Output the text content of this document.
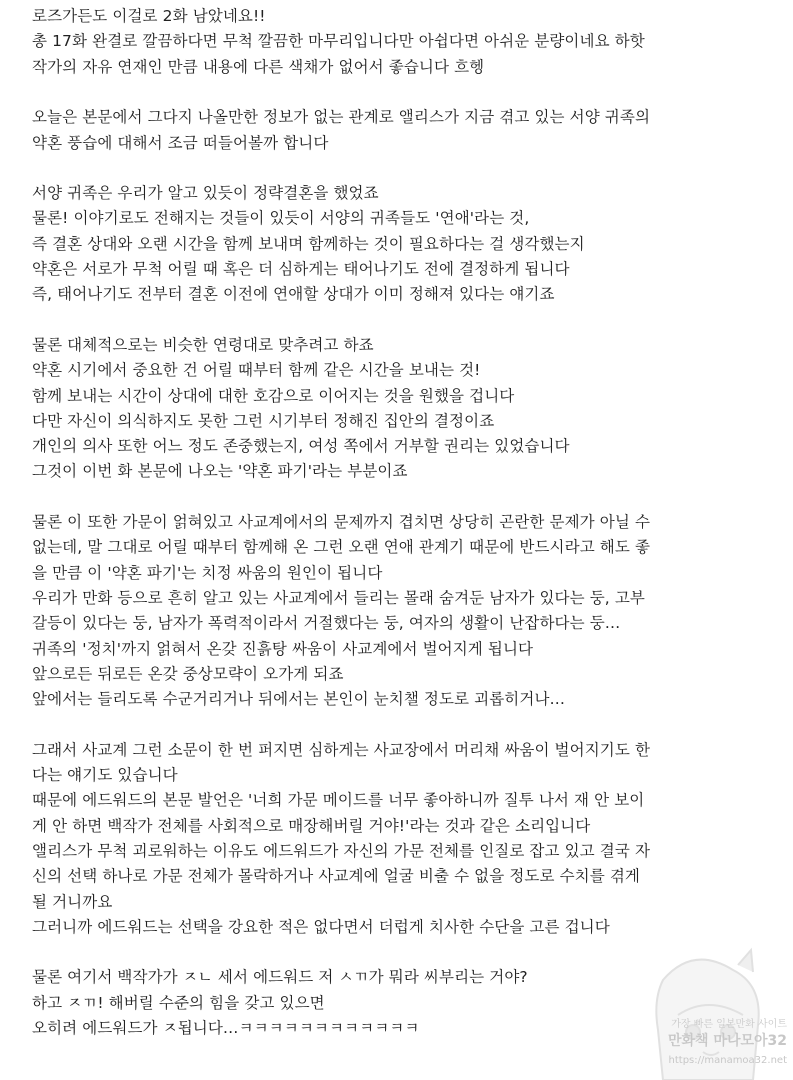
로즈가든도 이걸로 2화 남았네요!!
총 17화 완결로 깔끔하다면 무척 깔끔한 마무리입니다만 아쉽다면 아쉬운 분량이네요 하핫
작가의 자유 연재인 만큼 내용에 다른 색채가 없어서 좋습니다 흐헹
오늘은 본문에서 그다지 나올만한 정보가 없는 관계로 앨리스가 지금 겪고 있는 서양 귀족의
약혼 풍습에 대해서 조금 떠들어볼까 합니다
서양 귀족은 우리가 알고 있듯이 정략결혼을 했었죠
물론! 이야기로도 전해지는 것들이 있듯이 서양의 귀족들도 '연애'라는 것,
즉 결혼 상대와 오랜 시간을 함께 보내며 함께하는 것이 필요하다는 걸 생각했는지
약혼은 서로가 무척 어릴 때 혹은 더 심하게는 태어나기도 전에 결정하게 됩니다
즉, 태어나기도 전부터 결혼 이전에 연애할 상대가 이미 정해져 있다는 얘기죠
물론 대체적으로는 비슷한 연령대로 맞추려고 하죠
약혼 시기에서 중요한 건 어릴 때부터 함께 같은 시간을 보내는 것!
함께 보내는 시간이 상대에 대한 호감으로 이어지는 것을 원했을 겁니다
다만 자신이 의식하지도 못한 그런 시기부터 정해진 집안의 결정이죠
개인의 의사 또한 어느 정도 존중했는지, 여성 쪽에서 거부할 권리는 있었습니다
그것이 이번 화 본문에 나오는 '약혼 파기'라는 부분이죠
물론 이 또한 가문이 얽혀있고 사교계에서의 문제까지 겹치면 상당히 곤란한 문제가 아닐 수
없는데, 말 그대로 어릴 때부터 함께해 온 그런 오랜 연애 관계기 때문에 반드시라고 해도 좋
을 만큼 이 '약혼 파기'는 치정 싸움의 원인이 됩니다
우리가 만화 등으로 흔히 알고 있는 사교계에서 들리는 몰래 숨겨둔 남자가 있다는 둥, 고부
갈등이 있다는 둥, 남자가 폭력적이라서 거절했다는 둥, 여자의 생활이 난잡하다는 둥…
귀족의 '정치'까지 얽혀서 온갖 진흙탕 싸움이 사교계에서 벌어지게 됩니다
앞으로든 뒤로든 온갖 중상모략이 오가게 되죠
앞에서는 들리도록 수군거리거나 뒤에서는 본인이 눈치챌 정도로 괴롭히거나…
그래서 사교계 그런 소문이 한 번 퍼지면 심하게는 사교장에서 머리채 싸움이 벌어지기도 한
다는 얘기도 있습니다
때문에 에드워드의 본문 발언은 '너희 가문 메이드를 너무 좋아하니까 질투 나서 재 안 보이
게 안 하면 백작가 전체를 사회적으로 매장해버릴 거야!'라는 것과 같은 소리입니다
앨리스가 무척 괴로워하는 이유도 에드워드가 자신의 가문 전체를 인질로 잡고 있고 결국 자
신의 선택 하나로 가문 전체가 몰락하거나 사교계에 얼굴 비출 수 없을 정도로 수치를 겪게
될 거니까요
그러니까 에드워드는 선택을 강요한 적은 없다면서 더럽게 치사한 수단을 고른 겁니다
물론 여기서 백작가가 ㅈㄴ 세서 에드워드 저 ㅅㄲ가 뭐라 씨부리는 거야?
하고 ㅈㄲ! 해버릴 수준의 힘을 갖고 있으면
오히려 에드워드가 ㅈ됩니다…ㅋㅋㅋㅋㅋㅋㅋㅋㅋㅋㅋㅋ	가장 빠른 일본만화 사이트
만화책 마나모아32
https://manamoa32.net
